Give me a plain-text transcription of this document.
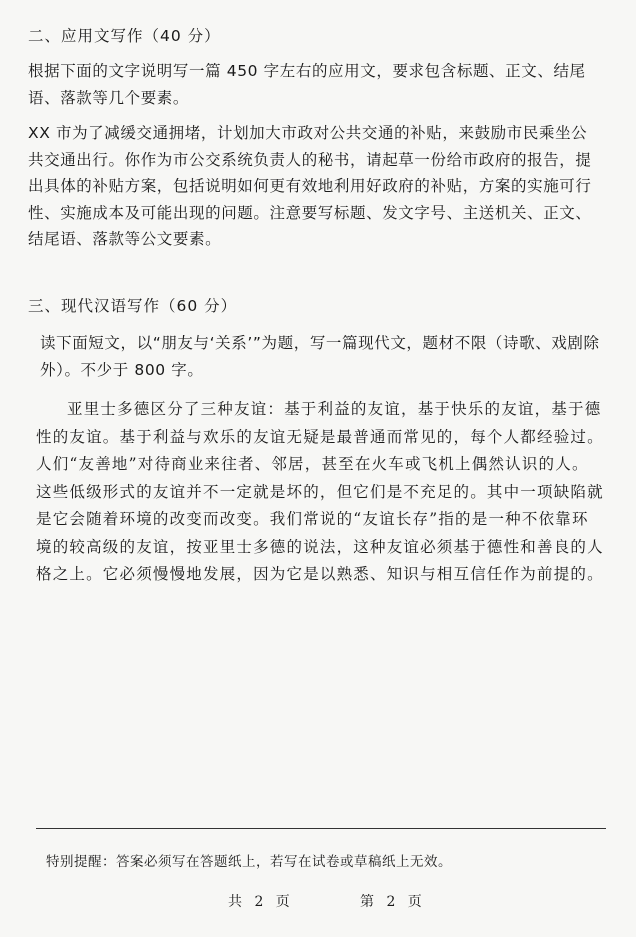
二、应用文写作（40 分）

根据下面的文字说明写一篇 450 字左右的应用文，要求包含标题、正文、结尾语、落款等几个要素。

XX 市为了减缓交通拥堵，计划加大市政对公共交通的补贴，来鼓励市民乘坐公共交通出行。你作为市公交系统负责人的秘书，请起草一份给市政府的报告，提出具体的补贴方案，包括说明如何更有效地利用好政府的补贴，方案的实施可行性、实施成本及可能出现的问题。注意要写标题、发文字号、主送机关、正文、结尾语、落款等公文要素。

三、现代汉语写作（60 分）

读下面短文，以“朋友与‘关系’”为题，写一篇现代文，题材不限（诗歌、戏剧除外）。不少于 800 字。

亚里士多德区分了三种友谊：基于利益的友谊，基于快乐的友谊，基于德性的友谊。基于利益与欢乐的友谊无疑是最普通而常见的，每个人都经验过。人们“友善地”对待商业来往者、邻居，甚至在火车或飞机上偶然认识的人。这些低级形式的友谊并不一定就是坏的，但它们是不充足的。其中一项缺陷就是它会随着环境的改变而改变。我们常说的“友谊长存”指的是一种不依靠环境的较高级的友谊，按亚里士多德的说法，这种友谊必须基于德性和善良的人格之上。它必须慢慢地发展，因为它是以熟悉、知识与相互信任作为前提的。

特别提醒：答案必须写在答题纸上，若写在试卷或草稿纸上无效。
共 2 页	第 2 页
